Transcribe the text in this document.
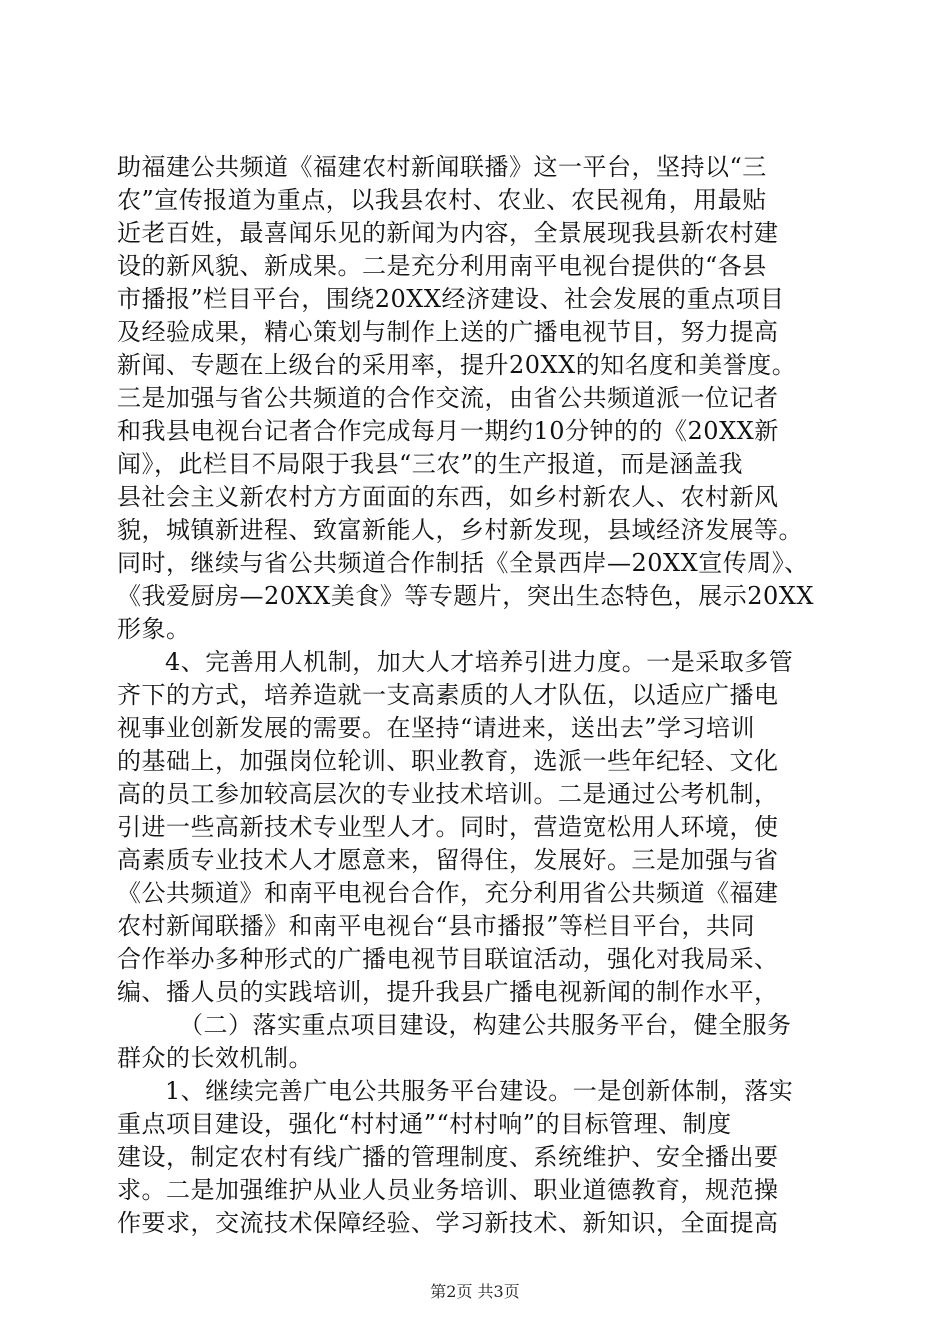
助福建公共频道《福建农村新闻联播》这一平台，坚持以“三
农”宣传报道为重点，以我县农村、农业、农民视角，用最贴
近老百姓，最喜闻乐见的新闻为内容，全景展现我县新农村建
设的新风貌、新成果。二是充分利用南平电视台提供的“各县
市播报”栏目平台，围绕20XX经济建设、社会发展的重点项目
及经验成果，精心策划与制作上送的广播电视节目，努力提高
新闻、专题在上级台的采用率，提升20XX的知名度和美誉度。
三是加强与省公共频道的合作交流，由省公共频道派一位记者
和我县电视台记者合作完成每月一期约10分钟的的《20XX新
闻》，此栏目不局限于我县“三农”的生产报道，而是涵盖我
县社会主义新农村方方面面的东西，如乡村新农人、农村新风
貌，城镇新进程、致富新能人，乡村新发现，县域经济发展等。
同时，继续与省公共频道合作制括《全景西岸—20XX宣传周》、
《我爱厨房—20XX美食》等专题片，突出生态特色，展示20XX
形象。
4、完善用人机制，加大人才培养引进力度。一是采取多管
齐下的方式，培养造就一支高素质的人才队伍，以适应广播电
视事业创新发展的需要。在坚持“请进来，送出去”学习培训
的基础上，加强岗位轮训、职业教育，选派一些年纪轻、文化
高的员工参加较高层次的专业技术培训。二是通过公考机制，
引进一些高新技术专业型人才。同时，营造宽松用人环境，使
高素质专业技术人才愿意来，留得住，发展好。三是加强与省
《公共频道》和南平电视台合作，充分利用省公共频道《福建
农村新闻联播》和南平电视台“县市播报”等栏目平台，共同
合作举办多种形式的广播电视节目联谊活动，强化对我局采、
编、播人员的实践培训，提升我县广播电视新闻的制作水平，
（二）落实重点项目建设，构建公共服务平台，健全服务
群众的长效机制。
1、继续完善广电公共服务平台建设。一是创新体制，落实
重点项目建设，强化“村村通”“村村响”的目标管理、制度
建设，制定农村有线广播的管理制度、系统维护、安全播出要
求。二是加强维护从业人员业务培训、职业道德教育，规范操
作要求，交流技术保障经验、学习新技术、新知识，全面提高
第2页 共3页
